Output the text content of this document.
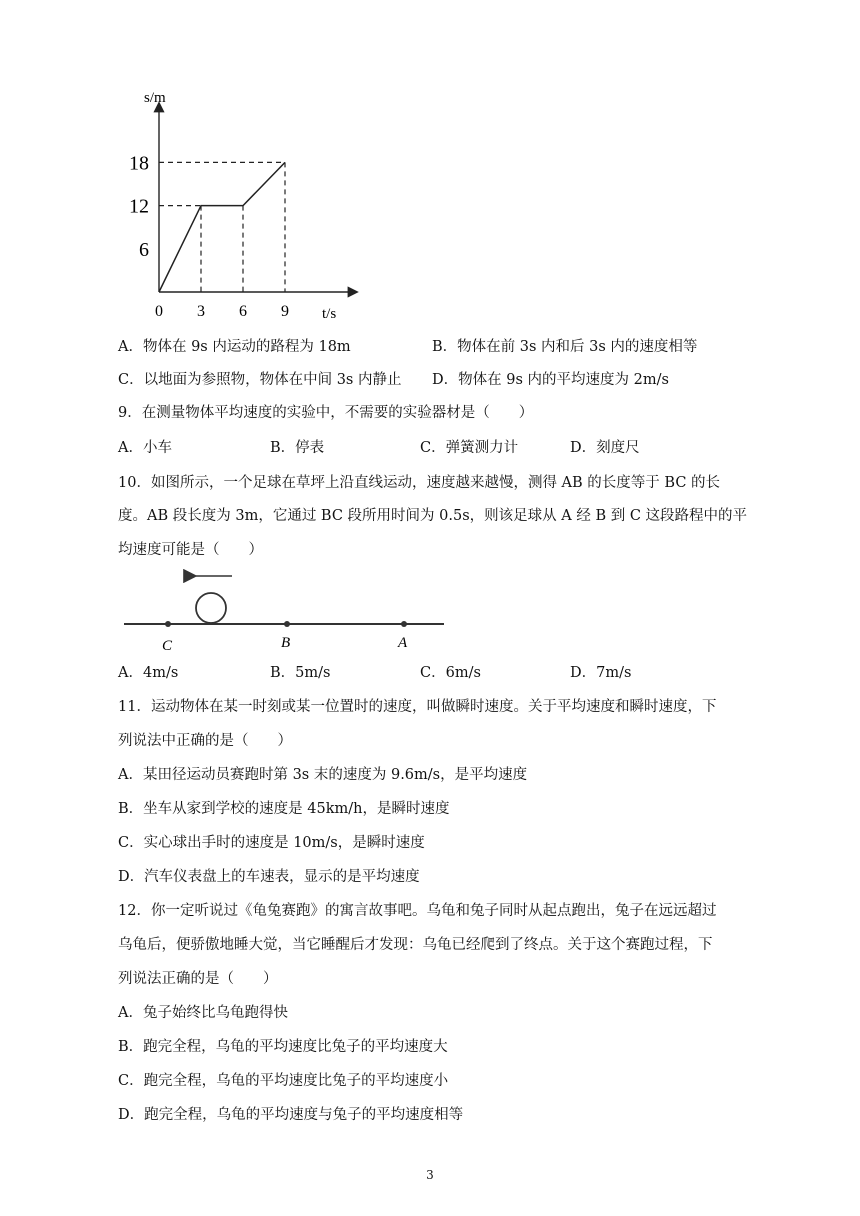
s/m
t/s
18
12
6
0 3 6 9
A．物体在 9s 内运动的路程为 18m	B．物体在前 3s 内和后 3s 内的速度相等
C．以地面为参照物，物体在中间 3s 内静止 D．物体在 9s 内的平均速度为 2m/s
9．在测量物体平均速度的实验中，不需要的实验器材是（　　）
A．小车	B．停表	C．弹簧测力计	D．刻度尺
10．如图所示，一个足球在草坪上沿直线运动，速度越来越慢，测得 AB 的长度等于 BC 的长
度。AB 段长度为 3m，它通过 BC 段所用时间为 0.5s，则该足球从 A 经 B 到 C 这段路程中的平
均速度可能是（　　）
C	B	A
A．4m/s	B．5m/s	C．6m/s	D．7m/s
11．运动物体在某一时刻或某一位置时的速度，叫做瞬时速度。关于平均速度和瞬时速度，下
列说法中正确的是（　　）
A．某田径运动员赛跑时第 3s 末的速度为 9.6m/s，是平均速度
B．坐车从家到学校的速度是 45km/h，是瞬时速度
C．实心球出手时的速度是 10m/s，是瞬时速度
D．汽车仪表盘上的车速表，显示的是平均速度
12．你一定听说过《龟兔赛跑》的寓言故事吧。乌龟和兔子同时从起点跑出，兔子在远远超过
乌龟后，便骄傲地睡大觉，当它睡醒后才发现：乌龟已经爬到了终点。关于这个赛跑过程，下
列说法正确的是（　　）
A．兔子始终比乌龟跑得快
B．跑完全程，乌龟的平均速度比兔子的平均速度大
C．跑完全程，乌龟的平均速度比兔子的平均速度小
D．跑完全程，乌龟的平均速度与兔子的平均速度相等
3
